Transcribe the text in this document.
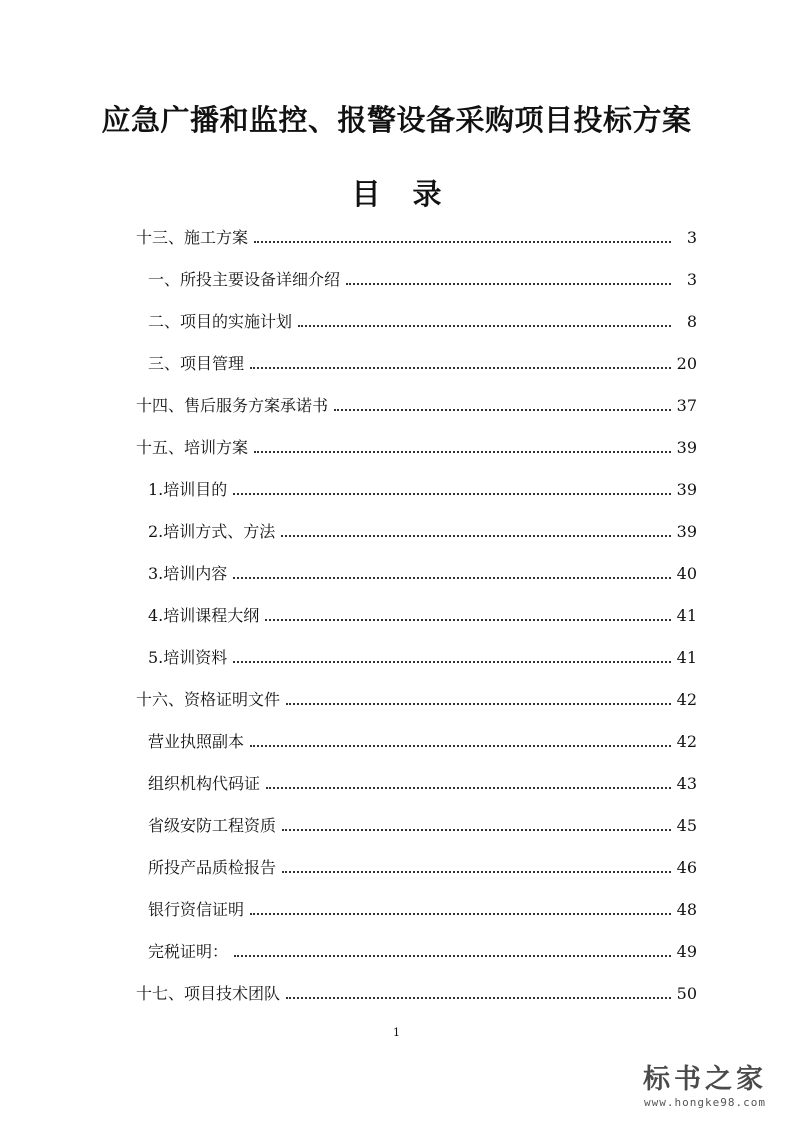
应急广播和监控、报警设备采购项目投标方案
目 录
十三、施工方案	3
一、所投主要设备详细介绍	3
二、项目的实施计划	8
三、项目管理	20
十四、售后服务方案承诺书	37
十五、培训方案	39
1.培训目的	39
2.培训方式、方法	39
3.培训内容	40
4.培训课程大纲	41
5.培训资料	41
十六、资格证明文件	42
营业执照副本	42
组织机构代码证	43
省级安防工程资质	45
所投产品质检报告	46
银行资信证明	48
完税证明：	49
十七、项目技术团队	50
1
标书之家
www.hongke98.com
